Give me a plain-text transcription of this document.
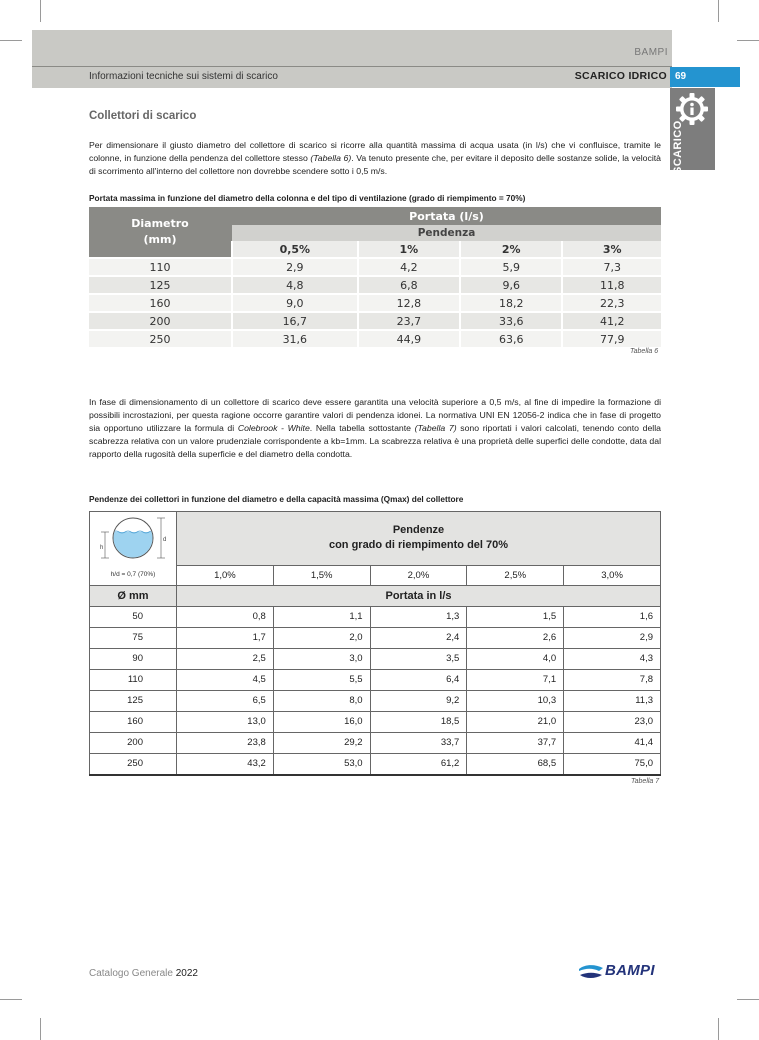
BAMPI
Informazioni tecniche sui sistemi di scarico	SCARICO IDRICO 69
SCARICO
Collettori di scarico
Per dimensionare il giusto diametro del collettore di scarico si ricorre alla quantità massima di acqua usata (in l/s) che vi confluisce, tramite le colonne, in funzione della pendenza del collettore stesso (Tabella 6). Va tenuto presente che, per evitare il deposito delle sostanze solide, la velocità di scorrimento all'interno del collettore non dovrebbe scendere sotto i 0,5 m/s.
Portata massima in funzione del diametro della colonna e del tipo di ventilazione (grado di riempimento = 70%)
Diametro
(mm)	Portata (l/s)			
	Pendenza			
	0,5%	1%	2%	3%
110	2,9	4,2	5,9	7,3
125	4,8	6,8	9,6	11,8
160	9,0	12,8	18,2	22,3
200	16,7	23,7	33,6	41,2
250	31,6	44,9	63,6	77,9
Tabella 6
In fase di dimensionamento di un collettore di scarico deve essere garantita una velocità superiore a 0,5 m/s, al fine di impedire la formazione di possibili incrostazioni, per questa ragione occorre garantire valori di pendenza idonei. La normativa UNI EN 12056-2 indica che in fase di progetto sia opportuno utilizzare la formula di Colebrook - White. Nella tabella sottostante (Tabella 7) sono riportati i valori calcolati, tenendo conto della scabrezza relativa con un valore prudenziale corrispondente a kb=1mm. La scabrezza relativa è una proprietà delle superfici delle condotte, data dal rapporto della rugosità della superficie e del diametro della condotta.
Pendenze dei collettori in funzione del diametro e della capacità massima (Qmax) del collettore
h
d	Pendenze
con grado di riempimento del 70%				
h/d = 0,7 (70%)	1,0%	1,5%	2,0%	2,5%	3,0%
Ø mm	Portata in l/s				
50	0,8	1,1	1,3	1,5	1,6
75	1,7	2,0	2,4	2,6	2,9
90	2,5	3,0	3,5	4,0	4,3
110	4,5	5,5	6,4	7,1	7,8
125	6,5	8,0	9,2	10,3	11,3
160	13,0	16,0	18,5	21,0	23,0
200	23,8	29,2	33,7	37,7	41,4
250	43,2	53,0	61,2	68,5	75,0
Tabella 7
Catalogo Generale 2022	BAMPI
